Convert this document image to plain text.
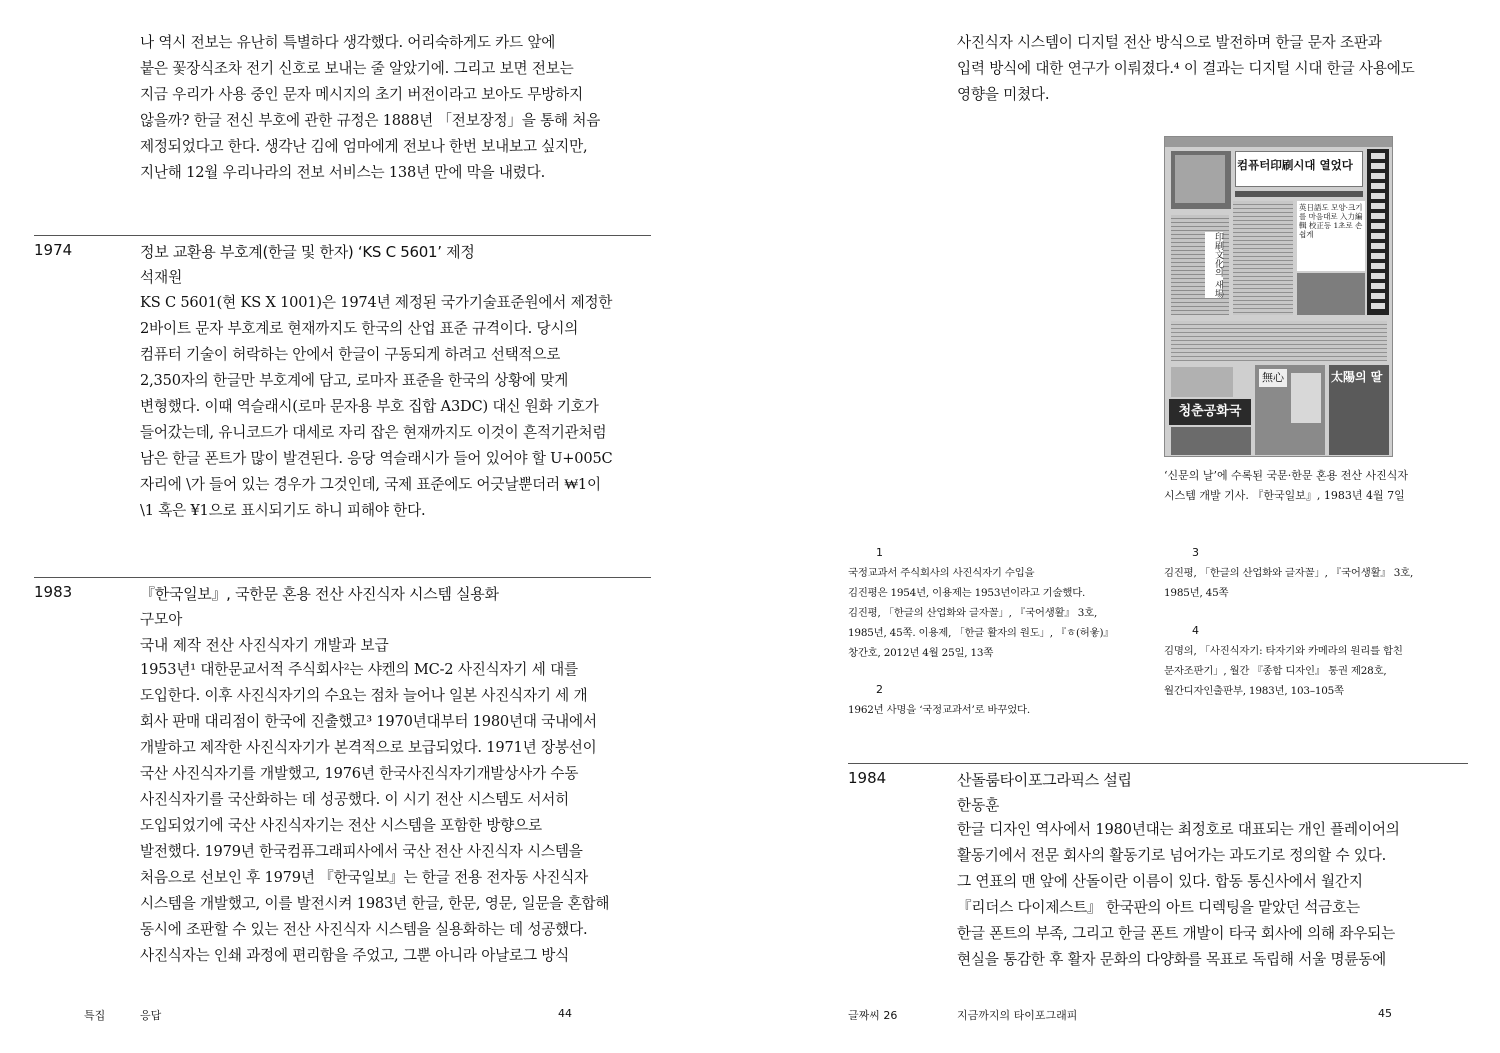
나 역시 전보는 유난히 특별하다 생각했다. 어리숙하게도 카드 앞에
붙은 꽃장식조차 전기 신호로 보내는 줄 알았기에. 그리고 보면 전보는
지금 우리가 사용 중인 문자 메시지의 초기 버전이라고 보아도 무방하지
않을까? 한글 전신 부호에 관한 규정은 1888년 「전보장정」을 통해 처음
제정되었다고 한다. 생각난 김에 엄마에게 전보나 한번 보내보고 싶지만,
지난해 12월 우리나라의 전보 서비스는 138년 만에 막을 내렸다.
1974	정보 교환용 부호계(한글 및 한자) ‘KS C 5601’ 제정
석재원
KS C 5601(현 KS X 1001)은 1974년 제정된 국가기술표준원에서 제정한
2바이트 문자 부호계로 현재까지도 한국의 산업 표준 규격이다. 당시의
컴퓨터 기술이 허락하는 안에서 한글이 구동되게 하려고 선택적으로
2,350자의 한글만 부호계에 담고, 로마자 표준을 한국의 상황에 맞게
변형했다. 이때 역슬래시(로마 문자용 부호 집합 A3DC) 대신 원화 기호가
들어갔는데, 유니코드가 대세로 자리 잡은 현재까지도 이것이 흔적기관처럼
남은 한글 폰트가 많이 발견된다. 응당 역슬래시가 들어 있어야 할 U+005C
자리에 \가 들어 있는 경우가 그것인데, 국제 표준에도 어긋날뿐더러 ₩1이
\1 혹은 ¥1으로 표시되기도 하니 피해야 한다.
1983	『한국일보』, 국한문 혼용 전산 사진식자 시스템 실용화
구모아
국내 제작 전산 사진식자기 개발과 보급
1953년¹ 대한문교서적 주식회사²는 샤켄의 MC-2 사진식자기 세 대를
도입한다. 이후 사진식자기의 수요는 점차 늘어나 일본 사진식자기 세 개
회사 판매 대리점이 한국에 진출했고³ 1970년대부터 1980년대 국내에서
개발하고 제작한 사진식자기가 본격적으로 보급되었다. 1971년 장봉선이
국산 사진식자기를 개발했고, 1976년 한국사진식자기개발상사가 수동
사진식자기를 국산화하는 데 성공했다. 이 시기 전산 시스템도 서서히
도입되었기에 국산 사진식자기는 전산 시스템을 포함한 방향으로
발전했다. 1979년 한국컴퓨그래피사에서 국산 전산 사진식자 시스템을
처음으로 선보인 후 1979년 『한국일보』는 한글 전용 전자동 사진식자
시스템을 개발했고, 이를 발전시켜 1983년 한글, 한문, 영문, 일문을 혼합해
동시에 조판할 수 있는 전산 사진식자 시스템을 실용화하는 데 성공했다.
사진식자는 인쇄 과정에 편리함을 주었고, 그뿐 아니라 아날로그 방식
특집	응답	44
사진식자 시스템이 디지털 전산 방식으로 발전하며 한글 문자 조판과
입력 방식에 대한 연구가 이뤄졌다.⁴ 이 결과는 디지털 시대 한글 사용에도
영향을 미쳤다.
컴퓨터印刷시대 열었다
印刷文化의 새場
英日語도 모양·크기를 마음대로 入力編輯 校正등 1초로 손쉽게
청춘공화국
無心	太陽의 딸
‘신문의 날’에 수록된 국문·한문 혼용 전산 사진식자
시스템 개발 기사. 『한국일보』, 1983년 4월 7일
1
국정교과서 주식회사의 사진식자기 수입을
김진평은 1954년, 이용제는 1953년이라고 기술했다.
김진평, 「한글의 산업화와 글자꼴」, 『국어생활』 3호,
1985년, 45쪽. 이용제, 「한글 활자의 원도」, 『ㅎ(허읗)』
창간호, 2012년 4월 25일, 13쪽
2
1962년 사명을 ‘국정교과서’로 바꾸었다.
3
김진평, 「한글의 산업화와 글자꼴」, 『국어생활』 3호,
1985년, 45쪽
4
김명의, 「사진식자기: 타자기와 카메라의 원리를 합친
문자조판기」, 월간 『종합 디자인』 통권 제28호,
월간디자인출판부, 1983년, 103–105쪽
1984	산돌룸타이포그라픽스 설립
한동훈
한글 디자인 역사에서 1980년대는 최정호로 대표되는 개인 플레이어의
활동기에서 전문 회사의 활동기로 넘어가는 과도기로 정의할 수 있다.
그 연표의 맨 앞에 산돌이란 이름이 있다. 합동 통신사에서 월간지
『리더스 다이제스트』 한국판의 아트 디렉팅을 맡았던 석금호는
한글 폰트의 부족, 그리고 한글 폰트 개발이 타국 회사에 의해 좌우되는
현실을 통감한 후 활자 문화의 다양화를 목표로 독립해 서울 명륜동에
글짜씨 26	지금까지의 타이포그래피	45
